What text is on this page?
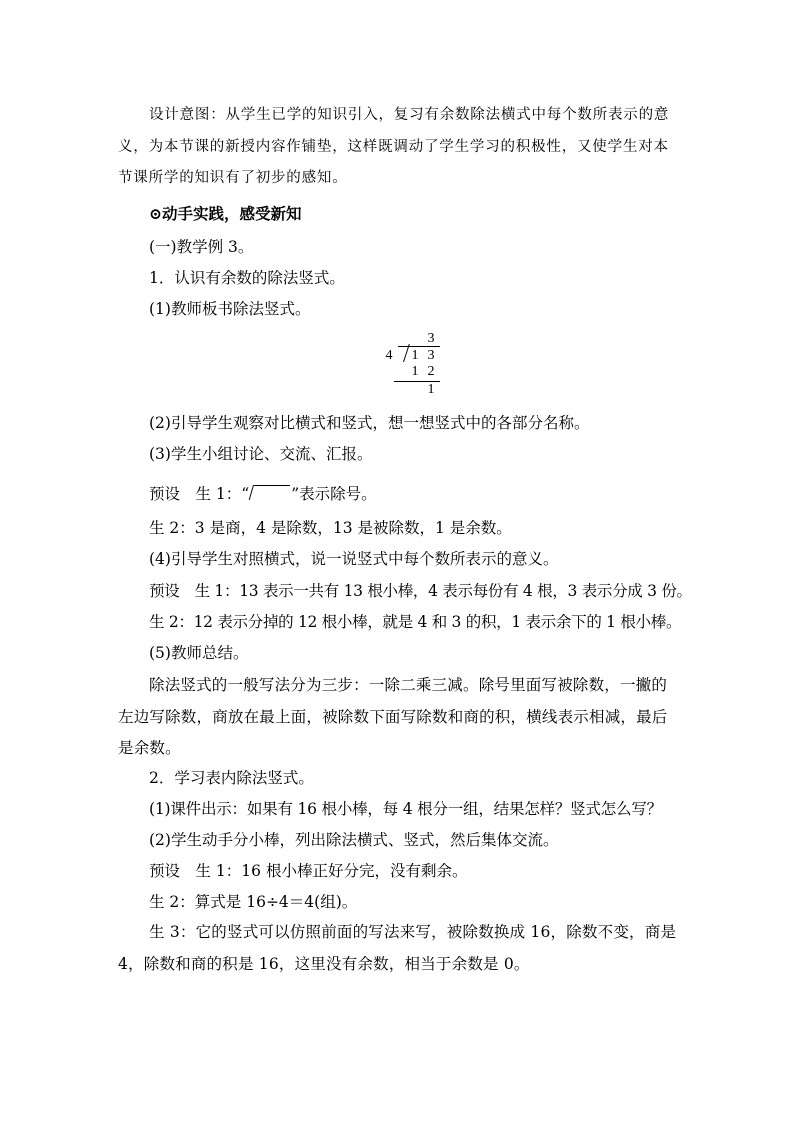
设计意图：从学生已学的知识引入，复习有余数除法横式中每个数所表示的意义，为本节课的新授内容作铺垫，这样既调动了学生学习的积极性，又使学生对本节课所学的知识有了初步的感知。
⊙动手实践，感受新知
(一)教学例 3。
1．认识有余数的除法竖式。
(1)教师板书除法竖式。
3
4 1 3
1 2
1
(2)引导学生观察对比横式和竖式，想一想竖式中的各部分名称。
(3)学生小组讨论、交流、汇报。
预设　生 1：“	”表示除号。
生 2：3 是商，4 是除数，13 是被除数，1 是余数。
(4)引导学生对照横式，说一说竖式中每个数所表示的意义。
预设　生 1：13 表示一共有 13 根小棒，4 表示每份有 4 根，3 表示分成 3 份。
生 2：12 表示分掉的 12 根小棒，就是 4 和 3 的积，1 表示余下的 1 根小棒。
(5)教师总结。
除法竖式的一般写法分为三步：一除二乘三减。除号里面写被除数，一撇的左边写除数，商放在最上面，被除数下面写除数和商的积，横线表示相减，最后是余数。
2．学习表内除法竖式。
(1)课件出示：如果有 16 根小棒，每 4 根分一组，结果怎样？竖式怎么写？
(2)学生动手分小棒，列出除法横式、竖式，然后集体交流。
预设　生 1：16 根小棒正好分完，没有剩余。
生 2：算式是 16÷4＝4(组)。
生 3：它的竖式可以仿照前面的写法来写，被除数换成 16，除数不变，商是 4，除数和商的积是 16，这里没有余数，相当于余数是 0。
